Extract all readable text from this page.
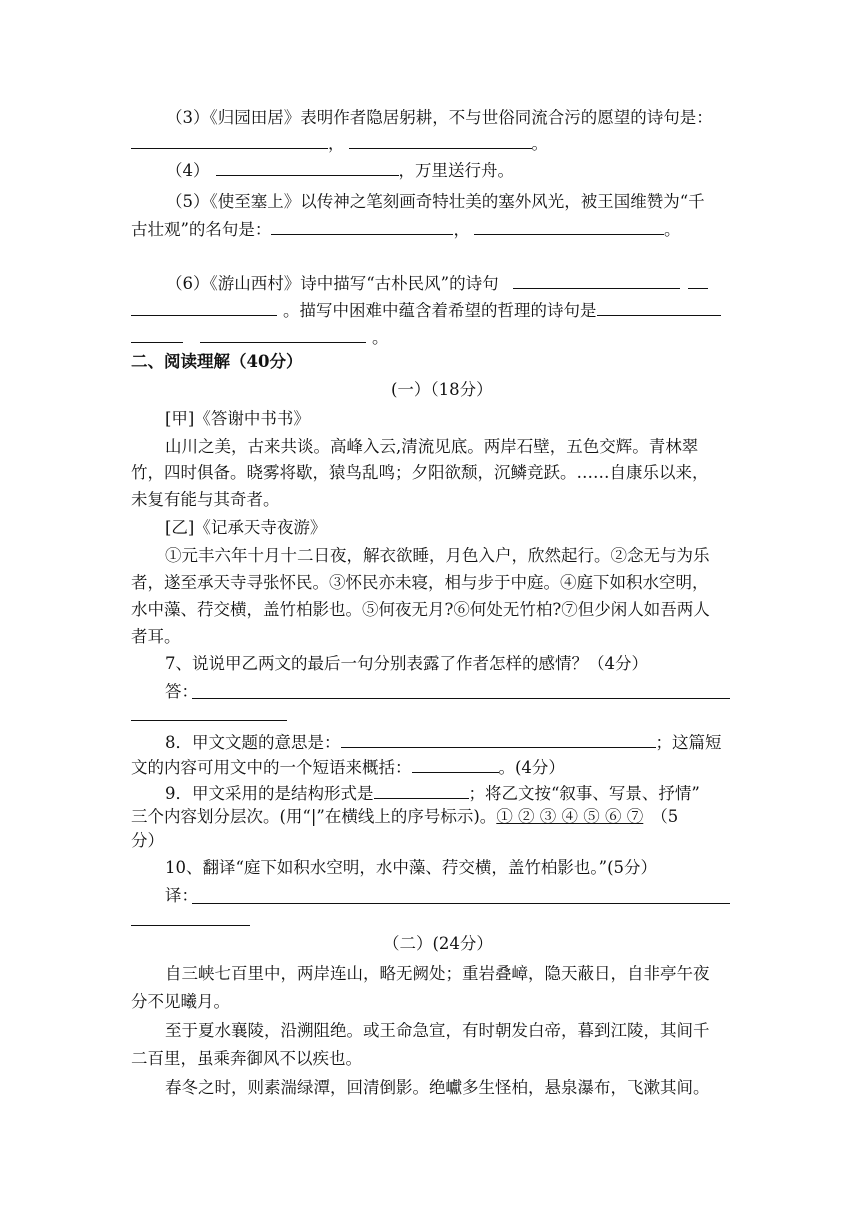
（3）《归园田居》表明作者隐居躬耕，不与世俗同流合污的愿望的诗句是：
，	。
（4）	，万里送行舟。
（5）《使至塞上》以传神之笔刻画奇特壮美的塞外风光，被王国维赞为“千
古壮观”的名句是：	，	。
（6）《游山西村》诗中描写“古朴民风”的诗句
。描写中困难中蕴含着希望的哲理的诗句是
。
二、阅读理解（40分）
(一）（18分）
[甲]《答谢中书书》
山川之美，古来共谈。高峰入云,清流见底。两岸石壁，五色交辉。青林翠
竹，四时俱备。晓雾将歇，猿鸟乱鸣；夕阳欲颓，沉鳞竞跃。……自康乐以来，
未复有能与其奇者。
[乙]《记承天寺夜游》
①元丰六年十月十二日夜，解衣欲睡，月色入户，欣然起行。②念无与为乐
者，遂至承天寺寻张怀民。③怀民亦未寝，相与步于中庭。④庭下如积水空明，
水中藻、荇交横，盖竹柏影也。⑤何夜无月?⑥何处无竹柏?⑦但少闲人如吾两人
者耳。
7、说说甲乙两文的最后一句分别表露了作者怎样的感情？（4分）
答：
8．甲文文题的意思是：	；这篇短
文的内容可用文中的一个短语来概括：	。(4分）
9．甲文采用的是结构形式是	；将乙文按“叙事、写景、抒情”
三个内容划分层次。(用“|”在横线上的序号标示)。① ② ③ ④ ⑤ ⑥ ⑦ （5
分）
10、翻译“庭下如积水空明，水中藻、荇交横，盖竹柏影也。”(5分）
译：
（二）(24分）
自三峡七百里中，两岸连山，略无阙处；重岩叠嶂，隐天蔽日，自非亭午夜
分不见曦月。
至于夏水襄陵，沿溯阻绝。或王命急宣，有时朝发白帝，暮到江陵，其间千
二百里，虽乘奔御风不以疾也。
春冬之时，则素湍绿潭，回清倒影。绝巘多生怪柏，悬泉瀑布，飞漱其间。
